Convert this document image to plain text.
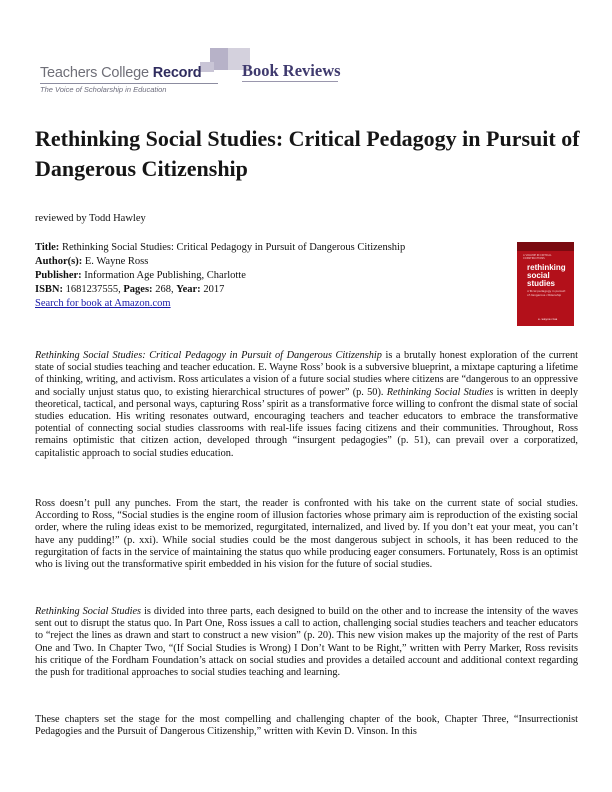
Teachers College Record
The Voice of Scholarship in Education
Book Reviews
Rethinking Social Studies: Critical Pedagogy in Pursuit of Dangerous Citizenship
reviewed by Todd Hawley
Title: Rethinking Social Studies: Critical Pedagogy in Pursuit of Dangerous Citizenship
Author(s): E. Wayne Ross
Publisher: Information Age Publishing, Charlotte
ISBN: 1681237555, Pages: 268, Year: 2017
Search for book at Amazon.com
A VOLUME IN CRITICAL CONSTRUCTIONS
rethinking social studies
critical pedagogy in pursuit of dangerous citizenship
e. wayne ross

Rethinking Social Studies: Critical Pedagogy in Pursuit of Dangerous Citizenship is a brutally honest exploration of the current state of social studies teaching and teacher education. E. Wayne Ross’ book is a subversive blueprint, a mixtape capturing a lifetime of thinking, writing, and activism. Ross articulates a vision of a future social studies where citizens are “dangerous to an oppressive and socially unjust status quo, to existing hierarchical structures of power” (p. 50). Rethinking Social Studies is written in deeply theoretical, tactical, and personal ways, capturing Ross’ spirit as a transformative force willing to confront the dismal state of social studies education. His writing resonates outward, encouraging teachers and teacher educators to embrace the transformative potential of connecting social studies classrooms with real-life issues facing citizens and their communities. Throughout, Ross remains optimistic that citizen action, developed through “insurgent pedagogies” (p. 51), can prevail over a corporatized, capitalistic approach to social studies education.

Ross doesn’t pull any punches. From the start, the reader is confronted with his take on the current state of social studies. According to Ross, “Social studies is the engine room of illusion factories whose primary aim is reproduction of the existing social order, where the ruling ideas exist to be memorized, regurgitated, internalized, and lived by. If you don’t eat your meat, you can’t have any pudding!” (p. xxi). While social studies could be the most dangerous subject in schools, it has been reduced to the regurgitation of facts in the service of maintaining the status quo while producing eager consumers. Fortunately, Ross is an optimist who is living out the transformative spirit embedded in his vision for the future of social studies.

Rethinking Social Studies is divided into three parts, each designed to build on the other and to increase the intensity of the waves sent out to disrupt the status quo. In Part One, Ross issues a call to action, challenging social studies teachers and teacher educators to “reject the lines as drawn and start to construct a new vision” (p. 20). This new vision makes up the majority of the rest of Parts One and Two. In Chapter Two, “(If Social Studies is Wrong) I Don’t Want to be Right,” written with Perry Marker, Ross revisits his critique of the Fordham Foundation’s attack on social studies and provides a detailed account and additional context regarding the push for traditional approaches to social studies teaching and learning.

These chapters set the stage for the most compelling and challenging chapter of the book, Chapter Three, “Insurrectionist Pedagogies and the Pursuit of Dangerous Citizenship,” written with Kevin D. Vinson. In this
